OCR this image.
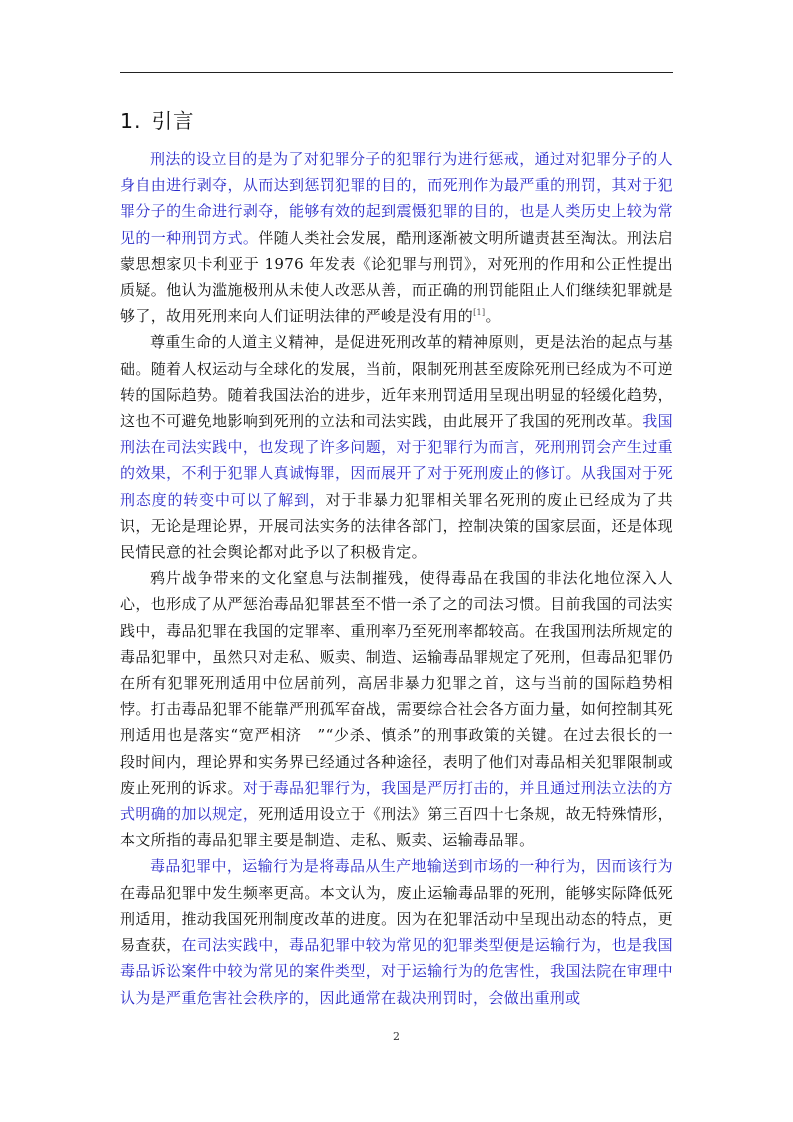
1. 引言

刑法的设立目的是为了对犯罪分子的犯罪行为进行惩戒，通过对犯罪分子的人身自由进行剥夺，从而达到惩罚犯罪的目的，而死刑作为最严重的刑罚，其对于犯罪分子的生命进行剥夺，能够有效的起到震慑犯罪的目的，也是人类历史上较为常见的一种刑罚方式。伴随人类社会发展，酷刑逐渐被文明所谴责甚至淘汰。刑法启蒙思想家贝卡利亚于 1976 年发表《论犯罪与刑罚》，对死刑的作用和公正性提出质疑。他认为滥施极刑从未使人改恶从善，而正确的刑罚能阻止人们继续犯罪就是够了，故用死刑来向人们证明法律的严峻是没有用的[1]。

尊重生命的人道主义精神，是促进死刑改革的精神原则，更是法治的起点与基础。随着人权运动与全球化的发展，当前，限制死刑甚至废除死刑已经成为不可逆转的国际趋势。随着我国法治的进步，近年来刑罚适用呈现出明显的轻缓化趋势，这也不可避免地影响到死刑的立法和司法实践，由此展开了我国的死刑改革。我国刑法在司法实践中，也发现了许多问题，对于犯罪行为而言，死刑刑罚会产生过重的效果，不利于犯罪人真诚悔罪，因而展开了对于死刑废止的修订。从我国对于死刑态度的转变中可以了解到，对于非暴力犯罪相关罪名死刑的废止已经成为了共识，无论是理论界，开展司法实务的法律各部门，控制决策的国家层面，还是体现民情民意的社会舆论都对此予以了积极肯定。

鸦片战争带来的文化窒息与法制摧残，使得毒品在我国的非法化地位深入人心，也形成了从严惩治毒品犯罪甚至不惜一杀了之的司法习惯。目前我国的司法实践中，毒品犯罪在我国的定罪率、重刑率乃至死刑率都较高。在我国刑法所规定的毒品犯罪中，虽然只对走私、贩卖、制造、运输毒品罪规定了死刑，但毒品犯罪仍在所有犯罪死刑适用中位居前列，高居非暴力犯罪之首，这与当前的国际趋势相悖。打击毒品犯罪不能靠严刑孤军奋战，需要综合社会各方面力量，如何控制其死刑适用也是落实“宽严相济　”“少杀、慎杀”的刑事政策的关键。在过去很长的一段时间内，理论界和实务界已经通过各种途径，表明了他们对毒品相关犯罪限制或废止死刑的诉求。对于毒品犯罪行为，我国是严厉打击的，并且通过刑法立法的方式明确的加以规定，死刑适用设立于《刑法》第三百四十七条规，故无特殊情形，本文所指的毒品犯罪主要是制造、走私、贩卖、运输毒品罪。

毒品犯罪中，运输行为是将毒品从生产地输送到市场的一种行为，因而该行为在毒品犯罪中发生频率更高。本文认为，废止运输毒品罪的死刑，能够实际降低死刑适用，推动我国死刑制度改革的进度。因为在犯罪活动中呈现出动态的特点，更易查获，在司法实践中，毒品犯罪中较为常见的犯罪类型便是运输行为，也是我国毒品诉讼案件中较为常见的案件类型，对于运输行为的危害性，我国法院在审理中认为是严重危害社会秩序的，因此通常在裁决刑罚时，会做出重刑或

2
